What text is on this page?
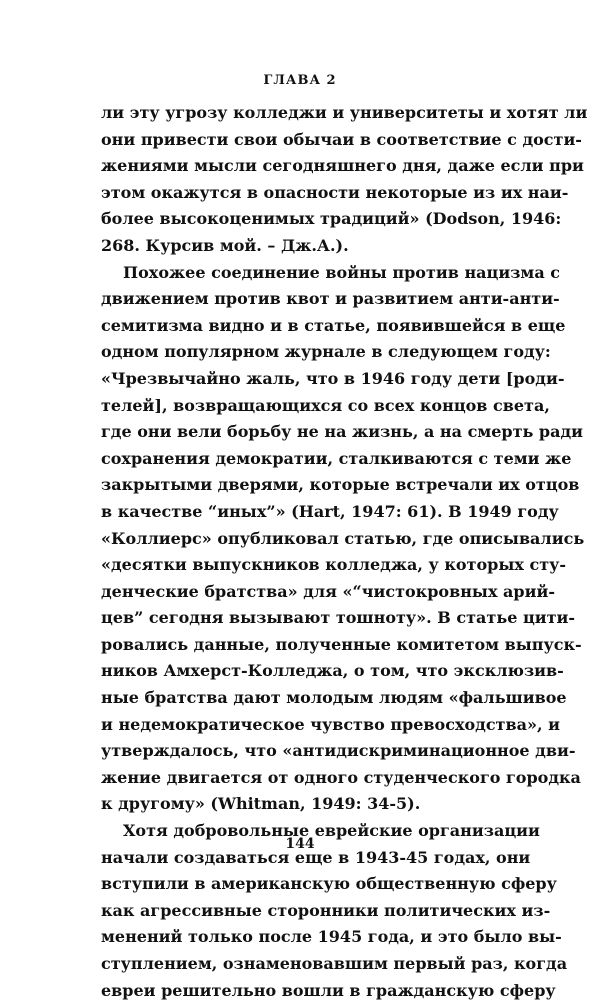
ГЛАВА 2
ли эту угрозу колледжи и университеты и хотят ли
они привести свои обычаи в соответствие с дости-
жениями мысли сегодняшнего дня, даже если при
этом окажутся в опасности некоторые из их наи-
более высокоценимых традиций» (Dodson, 1946:
268. Курсив мой. – Дж.А.).
Похожее соединение войны против нацизма с
движением против квот и развитием анти-анти-
семитизма видно и в статье, появившейся в еще
одном популярном журнале в следующем году:
«Чрезвычайно жаль, что в 1946 году дети [роди-
телей], возвращающихся со всех концов света,
где они вели борьбу не на жизнь, а на смерть ради
сохранения демократии, сталкиваются с теми же
закрытыми дверями, которые встречали их отцов
в качестве “иных”» (Hart, 1947: 61). В 1949 году
«Коллиерс» опубликовал статью, где описывались
«десятки выпускников колледжа, у которых сту-
денческие братства» для «“чистокровных арий-
цев” сегодня вызывают тошноту». В статье цити-
ровались данные, полученные комитетом выпуск-
ников Амхерст-Колледжа, о том, что эксклюзив-
ные братства дают молодым людям «фальшивое
и недемократическое чувство превосходства», и
утверждалось, что «антидискриминационное дви-
жение двигается от одного студенческого городка
к другому» (Whitman, 1949: 34-5).
Хотя добровольные еврейские организации
начали создаваться еще в 1943-45 годах, они
вступили в американскую общественную сферу
как агрессивные сторонники политических из-
менений только после 1945 года, и это было вы-
ступлением, ознаменовавшим первый раз, когда
евреи решительно вошли в гражданскую сферу
144
